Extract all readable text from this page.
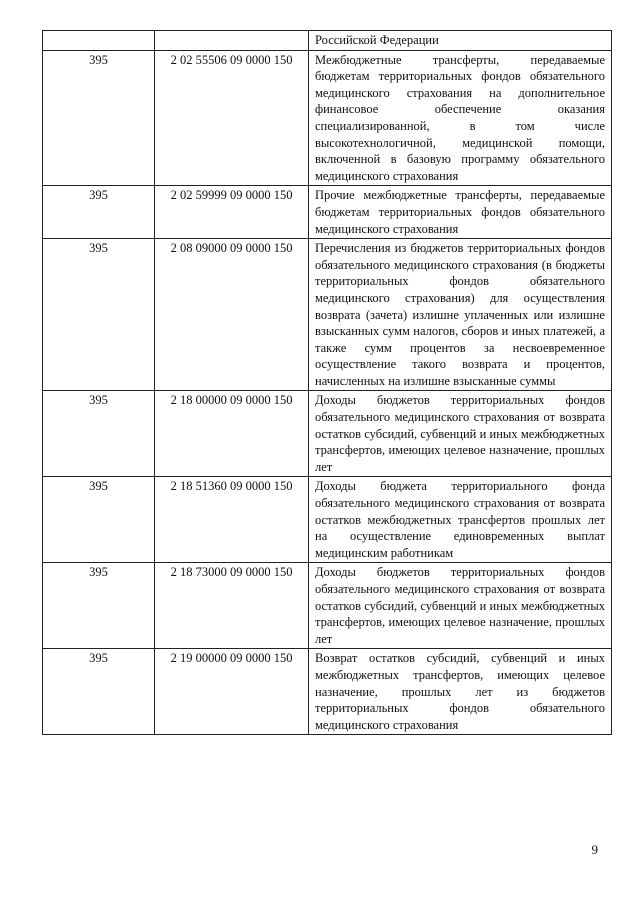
		Российской Федерации
395	2 02 55506 09 0000 150	Межбюджетные трансферты, передаваемые бюджетам территориальных фондов обязательного медицинского страхования на дополнительное финансовое обеспечение оказания специализированной, в том числе высокотехнологичной, медицинской помощи, включенной в базовую программу обязательного медицинского страхования
395	2 02 59999 09 0000 150	Прочие межбюджетные трансферты, передаваемые бюджетам территориальных фондов обязательного медицинского страхования
395	2 08 09000 09 0000 150	Перечисления из бюджетов территориальных фондов обязательного медицинского страхования (в бюджеты территориальных фондов обязательного медицинского страхования) для осуществления возврата (зачета) излишне уплаченных или излишне взысканных сумм налогов, сборов и иных платежей, а также сумм процентов за несвоевременное осуществление такого возврата и процентов, начисленных на излишне взысканные суммы
395	2 18 00000 09 0000 150	Доходы бюджетов территориальных фондов обязательного медицинского страхования от возврата остатков субсидий, субвенций и иных межбюджетных трансфертов, имеющих целевое назначение, прошлых лет
395	2 18 51360 09 0000 150	Доходы бюджета территориального фонда обязательного медицинского страхования от возврата остатков межбюджетных трансфертов прошлых лет на осуществление единовременных выплат медицинским работникам
395	2 18 73000 09 0000 150	Доходы бюджетов территориальных фондов обязательного медицинского страхования от возврата остатков субсидий, субвенций и иных межбюджетных трансфертов, имеющих целевое назначение, прошлых лет
395	2 19 00000 09 0000 150	Возврат остатков субсидий, субвенций и иных межбюджетных трансфертов, имеющих целевое назначение, прошлых лет из бюджетов территориальных фондов обязательного медицинского страхования
9
